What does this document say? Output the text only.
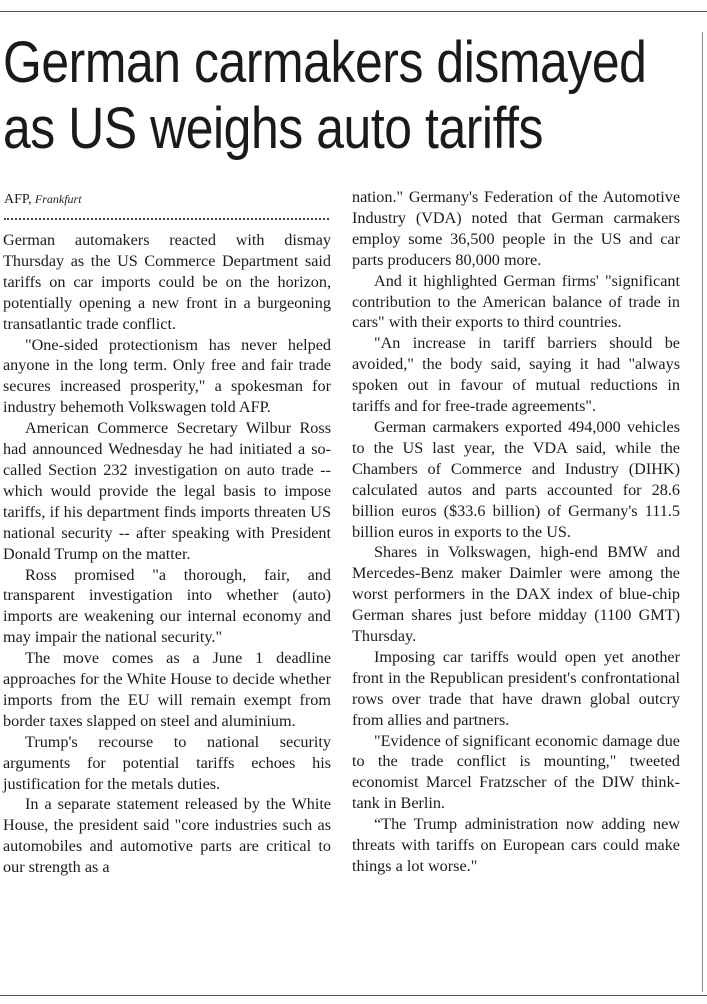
German carmakers dismayed
as US weighs auto tariffs
AFP, Frankfurt

German automakers reacted with dismay Thursday as the US Commerce Department said tariffs on car imports could be on the horizon, potentially opening a new front in a burgeoning transatlantic trade conflict.

"One-sided protectionism has never helped anyone in the long term. Only free and fair trade secures increased prosperity," a spokesman for industry behemoth Volkswagen told AFP.

American Commerce Secretary Wilbur Ross had announced Wednesday he had initiated a so-called Section 232 investigation on auto trade -- which would provide the legal basis to impose tariffs, if his department finds imports threaten US national security -- after speaking with President Donald Trump on the matter.

Ross promised "a thorough, fair, and transparent investigation into whether (auto) imports are weakening our internal economy and may impair the national security."

The move comes as a June 1 deadline approaches for the White House to decide whether imports from the EU will remain exempt from border taxes slapped on steel and aluminium.

Trump's recourse to national security arguments for potential tariffs echoes his justification for the metals duties.

In a separate statement released by the White House, the president said "core industries such as automobiles and automotive parts are critical to our strength as a

nation." Germany's Federation of the Automotive Industry (VDA) noted that German carmakers employ some 36,500 people in the US and car parts producers 80,000 more.

And it highlighted German firms' "significant contribution to the American balance of trade in cars" with their exports to third countries.

"An increase in tariff barriers should be avoided," the body said, saying it had "always spoken out in favour of mutual reductions in tariffs and for free-trade agreements".

German carmakers exported 494,000 vehicles to the US last year, the VDA said, while the Chambers of Commerce and Industry (DIHK) calculated autos and parts accounted for 28.6 billion euros ($33.6 billion) of Germany's 111.5 billion euros in exports to the US.

Shares in Volkswagen, high-end BMW and Mercedes-Benz maker Daimler were among the worst performers in the DAX index of blue-chip German shares just before midday (1100 GMT) Thursday.

Imposing car tariffs would open yet another front in the Republican president's confrontational rows over trade that have drawn global outcry from allies and partners.

"Evidence of significant economic damage due to the trade conflict is mounting," tweeted economist Marcel Fratzscher of the DIW think-tank in Berlin.

“The Trump administration now adding new threats with tariffs on European cars could make things a lot worse."
